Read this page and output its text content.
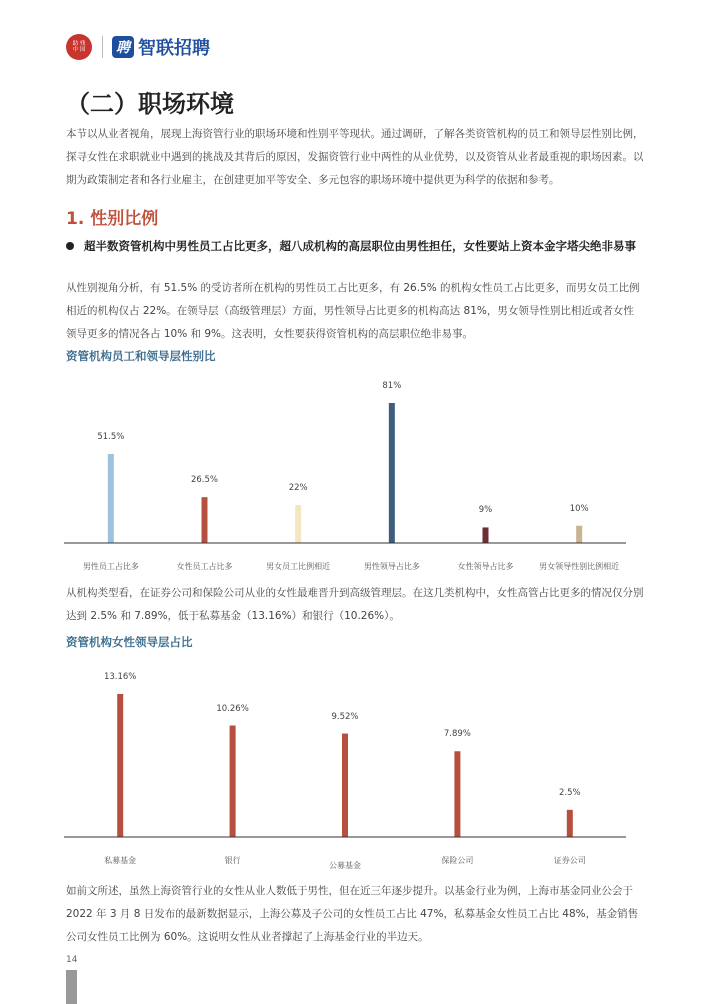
助 残
中 国 聘 智联招聘
（二）职场环境

本节以从业者视角，展现上海资管行业的职场环境和性别平等现状。通过调研，了解各类资管机构的员工和领导层性别比例，探寻女性在求职就业中遇到的挑战及其背后的原因，发掘资管行业中两性的从业优势，以及资管从业者最重视的职场因素。以期为政策制定者和各行业雇主，在创建更加平等安全、多元包容的职场环境中提供更为科学的依据和参考。

1. 性别比例
超半数资管机构中男性员工占比更多，超八成机构的高层职位由男性担任，女性要站上资本金字塔尖绝非易事

从性别视角分析，有 51.5% 的受访者所在机构的男性员工占比更多，有 26.5% 的机构女性员工占比更多，而男女员工比例相近的机构仅占 22%。在领导层（高级管理层）方面，男性领导占比更多的机构高达 81%，男女领导性别比相近或者女性领导更多的情况各占 10% 和 9%。这表明，女性要获得资管机构的高层职位绝非易事。

资管机构员工和领导层性别比
51.5%
男性员工占比多
26.5%
女性员工占比多
22%
男女员工比例相近
81%
男性领导占比多
9%
女性领导占比多
10%
男女领导性别比例相近

从机构类型看，在证券公司和保险公司从业的女性最难晋升到高级管理层。在这几类机构中，女性高管占比更多的情况仅分别达到 2.5% 和 7.89%，低于私募基金（13.16%）和银行（10.26%）。

资管机构女性领导层占比
13.16%
私募基金
10.26%
银行
9.52%
公募基金
7.89%
保险公司
2.5%
证券公司

如前文所述，虽然上海资管行业的女性从业人数低于男性，但在近三年逐步提升。以基金行业为例，上海市基金同业公会于 2022 年 3 月 8 日发布的最新数据显示，上海公募及子公司的女性员工占比 47%，私募基金女性员工占比 48%，基金销售公司女性员工比例为 60%。这说明女性从业者撑起了上海基金行业的半边天。

14
